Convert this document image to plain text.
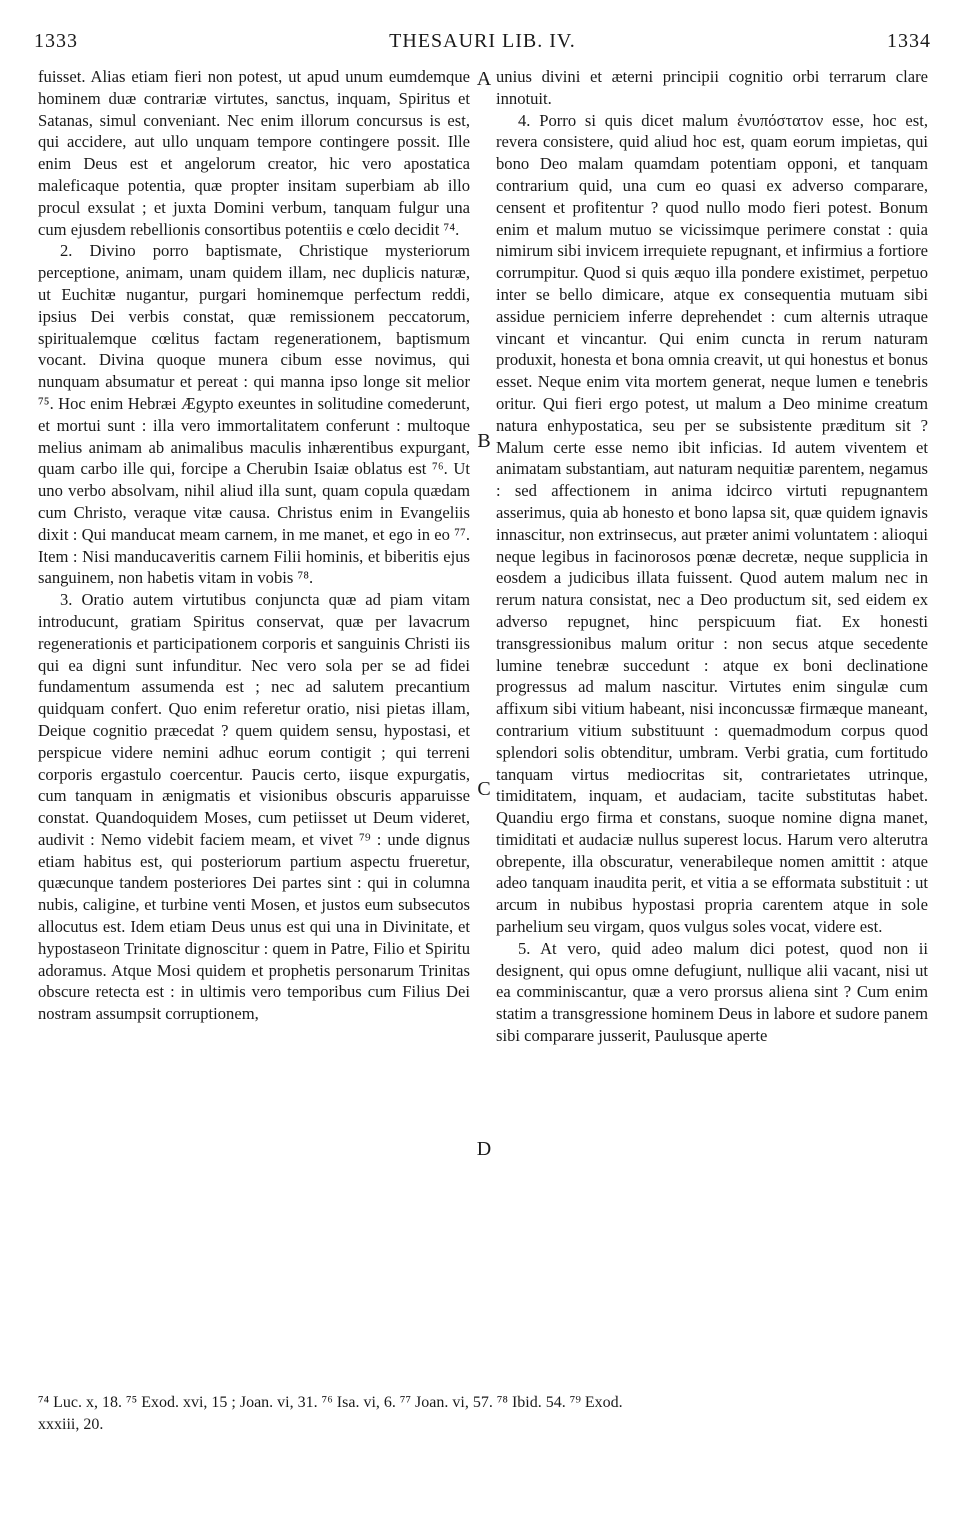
1333	THESAURI LIB. IV.	1334
A
B
C
D

fuisset. Alias etiam fieri non potest, ut apud unum eumdemque hominem duæ contrariæ virtutes, sanctus, inquam, Spiritus et Satanas, simul conveniant. Nec enim illorum concursus is est, qui accidere, aut ullo unquam tempore contingere possit. Ille enim Deus est et angelorum creator, hic vero apostatica maleficaque potentia, quæ propter insitam superbiam ab illo procul exsulat ; et juxta Domini verbum, tanquam fulgur una cum ejusdem rebellionis consortibus potentiis e cœlo decidit ⁷⁴.

2. Divino porro baptismate, Christique mysteriorum perceptione, animam, unam quidem illam, nec duplicis naturæ, ut Euchitæ nugantur, purgari hominemque perfectum reddi, ipsius Dei verbis constat, quæ remissionem peccatorum, spiritualemque cœlitus factam regenerationem, baptismum vocant. Divina quoque munera cibum esse novimus, qui nunquam absumatur et pereat : qui manna ipso longe sit melior ⁷⁵. Hoc enim Hebræi Ægypto exeuntes in solitudine comederunt, et mortui sunt : illa vero immortalitatem conferunt : multoque melius animam ab animalibus maculis inhærentibus expurgant, quam carbo ille qui, forcipe a Cherubin Isaiæ oblatus est ⁷⁶. Ut uno verbo absolvam, nihil aliud illa sunt, quam copula quædam cum Christo, veraque vitæ causa. Christus enim in Evangeliis dixit : Qui manducat meam carnem, in me manet, et ego in eo ⁷⁷. Item : Nisi manducaveritis carnem Filii hominis, et biberitis ejus sanguinem, non habetis vitam in vobis ⁷⁸.

3. Oratio autem virtutibus conjuncta quæ ad piam vitam introducunt, gratiam Spiritus conservat, quæ per lavacrum regenerationis et participationem corporis et sanguinis Christi iis qui ea digni sunt infunditur. Nec vero sola per se ad fidei fundamentum assumenda est ; nec ad salutem precantium quidquam confert. Quo enim referetur oratio, nisi pietas illam, Deique cognitio præcedat ? quem quidem sensu, hypostasi, et perspicue videre nemini adhuc eorum contigit ; qui terreni corporis ergastulo coercentur. Paucis certo, iisque expurgatis, cum tanquam in ænigmatis et visionibus obscuris apparuisse constat. Quandoquidem Moses, cum petiisset ut Deum videret, audivit : Nemo videbit faciem meam, et vivet ⁷⁹ : unde dignus etiam habitus est, qui posteriorum partium aspectu frueretur, quæcunque tandem posteriores Dei partes sint : qui in columna nubis, caligine, et turbine venti Mosen, et justos eum subsecutos allocutus est. Idem etiam Deus unus est qui una in Divinitate, et hypostaseon Trinitate dignoscitur : quem in Patre, Filio et Spiritu adoramus. Atque Mosi quidem et prophetis personarum Trinitas obscure retecta est : in ultimis vero temporibus cum Filius Dei nostram assumpsit corruptionem,

unius divini et æterni principii cognitio orbi terrarum clare innotuit.

4. Porro si quis dicet malum ἐνυπόστατον esse, hoc est, revera consistere, quid aliud hoc est, quam eorum impietas, qui bono Deo malam quamdam potentiam opponi, et tanquam contrarium quid, una cum eo quasi ex adverso comparare, censent et profitentur ? quod nullo modo fieri potest. Bonum enim et malum mutuo se vicissimque perimere constat : quia nimirum sibi invicem irrequiete repugnant, et infirmius a fortiore corrumpitur. Quod si quis æquo illa pondere existimet, perpetuo inter se bello dimicare, atque ex consequentia mutuam sibi assidue perniciem inferre deprehendet : cum alternis utraque vincant et vincantur. Qui enim cuncta in rerum naturam produxit, honesta et bona omnia creavit, ut qui honestus et bonus esset. Neque enim vita mortem generat, neque lumen e tenebris oritur. Qui fieri ergo potest, ut malum a Deo minime creatum natura enhypostatica, seu per se subsistente præditum sit ? Malum certe esse nemo ibit inficias. Id autem viventem et animatam substantiam, aut naturam nequitiæ parentem, negamus : sed affectionem in anima idcirco virtuti repugnantem asserimus, quia ab honesto et bono lapsa sit, quæ quidem ignavis innascitur, non extrinsecus, aut præter animi voluntatem : alioqui neque legibus in facinorosos pœnæ decretæ, neque supplicia in eosdem a judicibus illata fuissent. Quod autem malum nec in rerum natura consistat, nec a Deo productum sit, sed eidem ex adverso repugnet, hinc perspicuum fiat. Ex honesti transgressionibus malum oritur : non secus atque secedente lumine tenebræ succedunt : atque ex boni declinatione progressus ad malum nascitur. Virtutes enim singulæ cum affixum sibi vitium habeant, nisi inconcussæ firmæque maneant, contrarium vitium substituunt : quemadmodum corpus quod splendori solis obtenditur, umbram. Verbi gratia, cum fortitudo tanquam virtus mediocritas sit, contrarietates utrinque, timiditatem, inquam, et audaciam, tacite substitutas habet. Quandiu ergo firma et constans, suoque nomine digna manet, timiditati et audaciæ nullus superest locus. Harum vero alterutra obrepente, illa obscuratur, venerabileque nomen amittit : atque adeo tanquam inaudita perit, et vitia a se efformata substituit : ut arcum in nubibus hypostasi propria carentem atque in sole parhelium seu virgam, quos vulgus soles vocat, videre est.

5. At vero, quid adeo malum dici potest, quod non ii designent, qui opus omne defugiunt, nullique alii vacant, nisi ut ea comminiscantur, quæ a vero prorsus aliena sint ? Cum enim statim a transgressione hominem Deus in labore et sudore panem sibi comparare jusserit, Paulusque aperte

⁷⁴ Luc. x, 18. ⁷⁵ Exod. xvi, 15 ; Joan. vi, 31. ⁷⁶ Isa. vi, 6. ⁷⁷ Joan. vi, 57. ⁷⁸ Ibid. 54. ⁷⁹ Exod.
xxxiii, 20.
